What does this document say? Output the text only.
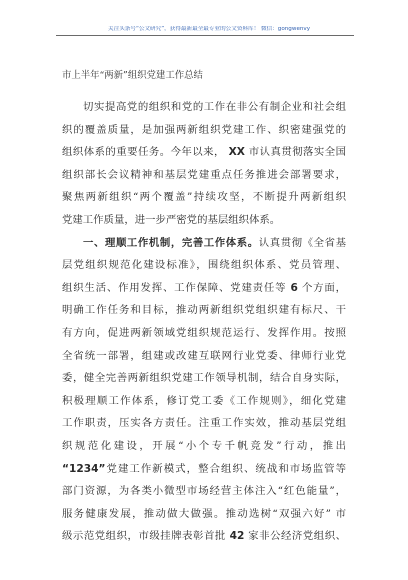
关注头条号“公文研究”，获得最新最全最专业的公文资料库！ 微信：gongwenvy
市上半年“两新”组织党建工作总结
切实提高党的组织和党的工作在非公有制企业和社会组
织的覆盖质量，是加强两新组织党建工作、织密建强党的
组织体系的重要任务。今年以来， XX 市认真贯彻落实全国
组织部长会议精神和基层党建重点任务推进会部署要求，
聚焦两新组织“两个覆盖”持续攻坚，不断提升两新组织
党建工作质量，进一步严密党的基层组织体系。
一、理顺工作机制，完善工作体系。认真贯彻《全省基
层党组织规范化建设标准》，围绕组织体系、党员管理、
组织生活、作用发挥、工作保障、党建责任等 6 个方面，
明确工作任务和目标，推动两新组织党组织建有标尺、干
有方向，促进两新领域党组织规范运行、发挥作用。按照
全省统一部署，组建或改建互联网行业党委、律师行业党
委，健全完善两新组织党建工作领导机制，结合自身实际，
积极理顺工作体系，修订党工委《工作规则》，细化党建
工作职责，压实各方责任。注重工作实效，推动基层党组
织规范化建设，开展“小个专千帆竞发”行动，推出
“1234”党建工作新模式，整合组织、统战和市场监管等
部门资源，为各类小微型市场经营主体注入“红色能量”，
服务健康发展，推动做大做强。推动选树“双强六好” 市
级示范党组织，市级挂牌表彰首批 42 家非公经济党组织、
